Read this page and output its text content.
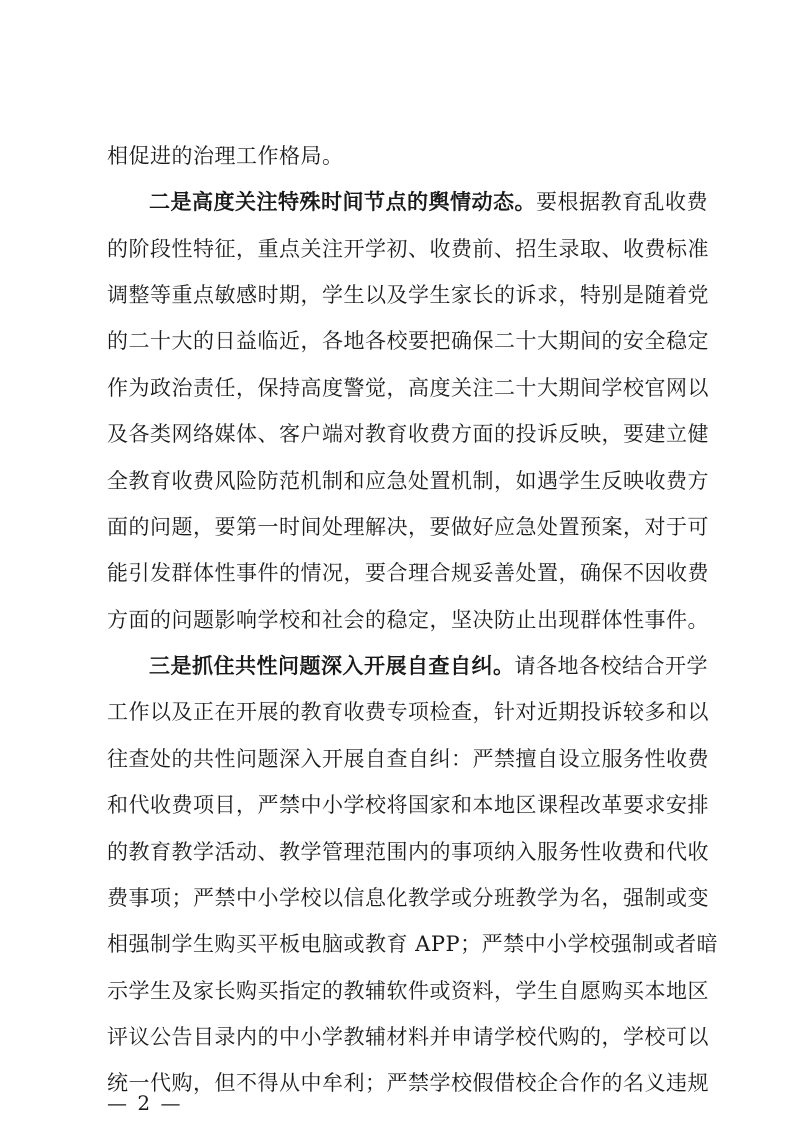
相促进的治理工作格局。
二是高度关注特殊时间节点的舆情动态。要根据教育乱收费
的阶段性特征，重点关注开学初、收费前、招生录取、收费标准
调整等重点敏感时期，学生以及学生家长的诉求，特别是随着党
的二十大的日益临近，各地各校要把确保二十大期间的安全稳定
作为政治责任，保持高度警觉，高度关注二十大期间学校官网以
及各类网络媒体、客户端对教育收费方面的投诉反映，要建立健
全教育收费风险防范机制和应急处置机制，如遇学生反映收费方
面的问题，要第一时间处理解决，要做好应急处置预案，对于可
能引发群体性事件的情况，要合理合规妥善处置，确保不因收费
方面的问题影响学校和社会的稳定，坚决防止出现群体性事件。
三是抓住共性问题深入开展自查自纠。请各地各校结合开学
工作以及正在开展的教育收费专项检查，针对近期投诉较多和以
往查处的共性问题深入开展自查自纠：严禁擅自设立服务性收费
和代收费项目，严禁中小学校将国家和本地区课程改革要求安排
的教育教学活动、教学管理范围内的事项纳入服务性收费和代收
费事项；严禁中小学校以信息化教学或分班教学为名，强制或变
相强制学生购买平板电脑或教育 APP；严禁中小学校强制或者暗
示学生及家长购买指定的教辅软件或资料，学生自愿购买本地区
评议公告目录内的中小学教辅材料并申请学校代购的，学校可以
统一代购，但不得从中牟利；严禁学校假借校企合作的名义违规
— 2 —
